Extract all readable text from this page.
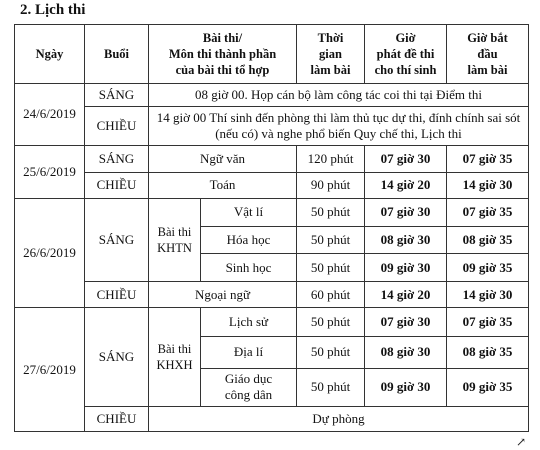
2. Lịch thi
Ngày	Buổi	Bài thi/
Môn thi thành phần
của bài thi tổ hợp		Thời
gian
làm bài	Giờ
phát đề thi
cho thí sinh	Giờ bắt
đầu
làm bài
24/6/2019	SÁNG	08 giờ 00. Họp cán bộ làm công tác coi thi tại Điểm thi				
	CHIỀU	14 giờ 00 Thí sinh đến phòng thi làm thủ tục dự thi, đính chính sai sót (nếu có) và nghe phổ biến Quy chế thi, Lịch thi				
25/6/2019	SÁNG	Ngữ văn		120 phút	07 giờ 30	07 giờ 35
	CHIỀU	Toán		90 phút	14 giờ 20	14 giờ 30
26/6/2019	SÁNG	Bài thi
KHTN	Vật lí	50 phút	07 giờ 30	07 giờ 35
			Hóa học	50 phút	08 giờ 30	08 giờ 35
			Sinh học	50 phút	09 giờ 30	09 giờ 35
	CHIỀU	Ngoại ngữ		60 phút	14 giờ 20	14 giờ 30
27/6/2019	SÁNG	Bài thi
KHXH	Lịch sử	50 phút	07 giờ 30	07 giờ 35
			Địa lí	50 phút	08 giờ 30	08 giờ 35
			Giáo dục
công dân	50 phút	09 giờ 30	09 giờ 35
	CHIỀU	Dự phòng				
↗
